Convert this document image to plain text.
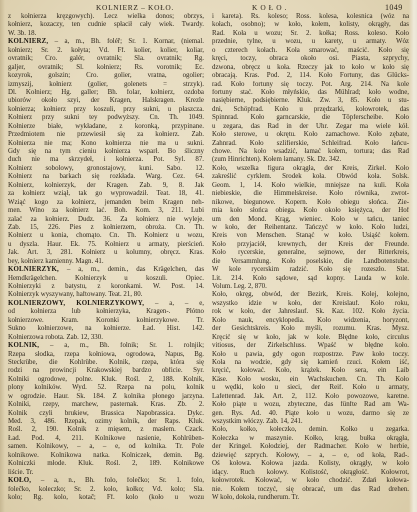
KOLNIERZ – KOŁO.	KOŁO.	1049
z kołnierza kręzgowych). Lecz wielka donos; obrzys,
kołnierz, kozaczy, ten cudnie spłacił cały wiek. Twardy.
W. 3b. 18.
KOLNIERZ, – a, m., Bh. foléř; Sr. 1. Kornar, (niemal.
kołnierz; Sr. 2. kołyta; Vd. Ff. kolier, kolier, koliar,
ovratnik; Cro. galér, ovratnik; Sla. ovratnik; Rg.
galjer, ovratnik; Sl. kołnierz; Rs. vorotnik; Ec.
kozyrok, golszin; Cro. golier, vratna, ogolier;
izmyszij, kołnierz (golier, golenets = strzyk).
Dl. Kołnierz; Hg. galler; Bh. folar, kołnierz, ozdoba
ubiorów około szyi, der Kragen, Halskragen. Krezle
kołnierza; kołnierz przy koszuli, przy sukni, u płaszcza.
Kołnierz przy sukni tey podwyższy. Cn. Th. 1049.
Kołnierze białe, wykładane, z koronką, przypinane.
Przedmiotem nie przewiesił się za kołnierz. Zab.
Kołnierza nie ma; Kono kołnierza nie ma u sukni.
Gdy się na tym cieniu kołnierza wsparł. Bo śliczny
duch nie ma skrzydeł, i kołnierza. Pot. Syl. 87.
Kołnierz sobolowy, gronostajowy, kuni. Sabo. 12.
Kołnierz na barkach się rozkłada. Warg. Cez. 64.
Kołnierz, kołnierzyk, der Kragen. Zab. 9, 8. Jak
za kołnierz wziął, tak go wyprowadził. Teat. 18, 41.
Wziąć kogo za kołnierz, jemanden beim Kragen neh-
men. Wino za kołnierz lać. Boh. Kom. 3, 211. Lubi
zalać za kołnierz. Dudz. 36. Za kołnierz nie wyleje.
Zab. 15, 226. Pies z kołnierzem, obroża. Cn. Th.
Kołnierz u konia, chomąto. Cn. Th. Kołnierz u wozu,
u dyszla. Haur. Ek. 75. Kołnierz u armaty, pierścień.
Jak. Art. 3, 281. Kołnierz u kolumny, obręcz. Kras.
bey, kołnierz kamienny. Magn. 41.
KOLNIERZYK, – a, m., demin., das Krägelchen, das
Hemdkrägelchen. Kołnierzyk u koszuli. Opiec.
Kołnierzyki z batystu, z koronkami. W. Post. 14.
Kołnierzyk wyszywany, haftowany. Teat. 21, 80.
KOLNIERZOWY, KOLNIERZYKOWY, – a, – e,
od kołnierza lub kołnierzyka, Kragen-. Płótno
kołnierzowe. Kram. Koronki kołnierzykowe. Tr.
Sukno kołnierzowe, na kołnierze. Ład. Hist. 142.
Kołnierzowa robota. Zab. 12, 330.
KOLNIK, – a, m., Bh. folnik; Sr. 1. rolnjik;
Rzepa słodka, rzepa kołniowa, ogrodowa, Napus, Bg.
Steckrübe, die Kohlrübe. Kolnik, rzepa, która się
rodzi na prowincji Krakowskiej bardzo obficie. Syr.
Kolniki ogrodowe, polne. Kluk. Rośl. 2, 188. Kolnik,
plony kolników. Wyd. 52. Rzepa na polu, kolnik
w ogrodzie. Haur. Sk. 184. Z kolnika płonego jarzyna.
Kolniki, rzepy, marchew, pasternak. Kras. Zb. 2.
Kolnik czyli brukiew, Brassica Napobrassica. Dykc.
Med. 3, 486. Rzepak, ozimy kolnik, der Raps. Kluk.
Rośl. 2, 190. Kolnik z mięsem, z masłem. Czack.
Ład. Pod. 4, 211. Kolnikowe nasienie, Kohlrüben-
samen. Kolnikowy, – a, – e, od kolnika. Tr. Pole
kolnikowe. Kolnikowa natka. Kolniczek, demin. Bg.
Kolniczki młode. Kluk. Rośl. 2, 189. Kolnikowe
liście. Tr.
KOŁO, – a, n., Bh. folo, folečko; Sr. 1. folo,
folečko, koleczko; Sr. 2. kolo, kołko; Vd. kolo; Sla.
kolo; Rg. kolo, kotač; Ff. kolo (koło u wozu
i kareta). Rs. koleso; Ross. kolesa, kolesnica (wóz na
kołach, osobno); w koło, kołem, kolisty, okrągły, das
Rad. Koła u wozu; Sr. 2. kołka; Ross. koleso. Koło
przednie, tylne, u wozu, u karety, u armaty. Wóz
o czterech kołach. Koła smarować, maścić. Koło się
kręci, toczy, obraca około osi. Piasta, szprychy,
dzwona, obręcz u koła. Rzeczy jak to koło w koło się
obracają. Kras. Pod. 2, 114. Koło Fortuny, das Glücks-
rad. Koło fortuny się toczy. Pot. Arg. 214. Na kole
fortuny stać. Koło młyńskie, das Mühlrad; koło wodne,
nasiębierne, podsiębierne. Kluk. Zw. 3, 85. Koło u stu-
dni, Schöpfrad. Koło u przędzarki, kołowrotek, das
Spinnrad. Koło garncarskie, die Töpferscheibe. Koło
u zegara, das Rad in der Uhr. Zegar ma wiele kół.
Koło sterowe, u okrętu. Koło zamachowe. Koło zębate,
Zahnrad. Koło szlifierskie, Schleifrad. Koło łańcu-
chowe. Na koło wsadzić, łamać kołem, tortura; das Rad
(zum Hinrichten). Kołem łamany. Sk. Dz. 342.
Koło, wszelka figura okrągła, der Kreis, Zirkel. Koło
zakreślić cyrklem. Środek koła. Obwód koła. Solsk.
Geom. 1, 14. Koło wielkie, mniejsze na kuli. Koła
niebieskie, die Himmelskreise. Koło równika, zwrot-
nikowe, biegunowe. Kopern. Koło obiegu słońca. Zie-
mia koło słońca obiega. Koło około księżyca, der Hof
um den Mond. Krąg, wieniec. Koło w tańcu, taniec
w koło, der Reihentanz. Tańczyć w koło. Koło ludzi,
Kreis von Menschen. Stanąć w koło. Usiąść kołem.
Koło przyjaciół, krewnych, der Kreis der Freunde.
Koło rycerskie, generalne, sejmowe, der Ritterkreis,
die Versammlung. Koło poselskie, die Landbotenstube.
W kole rycerskim radzić. Koło się rozeszło. Stat.
Lit. 214. Koło sądowe, sąd kopny. Lauda w kole.
Volum. Leg. 2, 870.
Koło, okręg, obwód, der Bezirk, Kreis. Kolej, kolejno,
wszystko idzie w koło, der Kreislauf. Koło roku,
rok w koło, der Jahreslauf. Sk. Kaz. 102. Koło życia.
Koło nauk, encyklopedia. Koło widzenia, horyzont,
der Gesichtskreis. Koło myśli, rozumu. Kras. Mysz.
Kręcić się w koło, jak w kole. Błędne koło, circulus
vitiosus, der Zirkelschluss. Wpaść w błędne koło.
Koło u pawia, gdy ogon rozpostrze. Paw koło toczy.
Koła na wodzie, gdy się kamień rzuci. Kołem iść,
kręcić, kołować. Koło, krążek. Koło sera, ein Laib
Käse. Koło wosku, ein Wachskuchen. Cn. Th. Koło
u wędki, koło u sieci, der Reif. Koło u armaty,
Lafettenrad. Jak. Art. 2, 112. Koło powozowe, karetne.
Koło piąte u wozu, zbyteczne, das fünfte Rad am Wa-
gen. Rys. Ad. 40. Piąte koło u wozu, darmo się ze
wszystkim włóczy. Zab. 14, 241.
Koło, kołko, kołeczko, demin. Kołko u zegarka.
Kołeczka w maszynie. Kołko, krąg, bułka okrągła,
der Kringel. Kołodziej, der Radmacher. Koło w herbie,
dziewięć szprych. Kołowy, – a, – e, od koła, Rad-.
Oś kołowa. Kołowa jazda. Kolisty, okrągły, w koło
idący. Ruch kołowy. Kolistość, okrągłość. Kołowrot,
kołowrotek. Kołować, w koło chodzić. Zdań kołowa-
nie. Kołem toczyć, się obracać, um das Rad drehen.
W koło, dokoła, rundherum. Tr.
